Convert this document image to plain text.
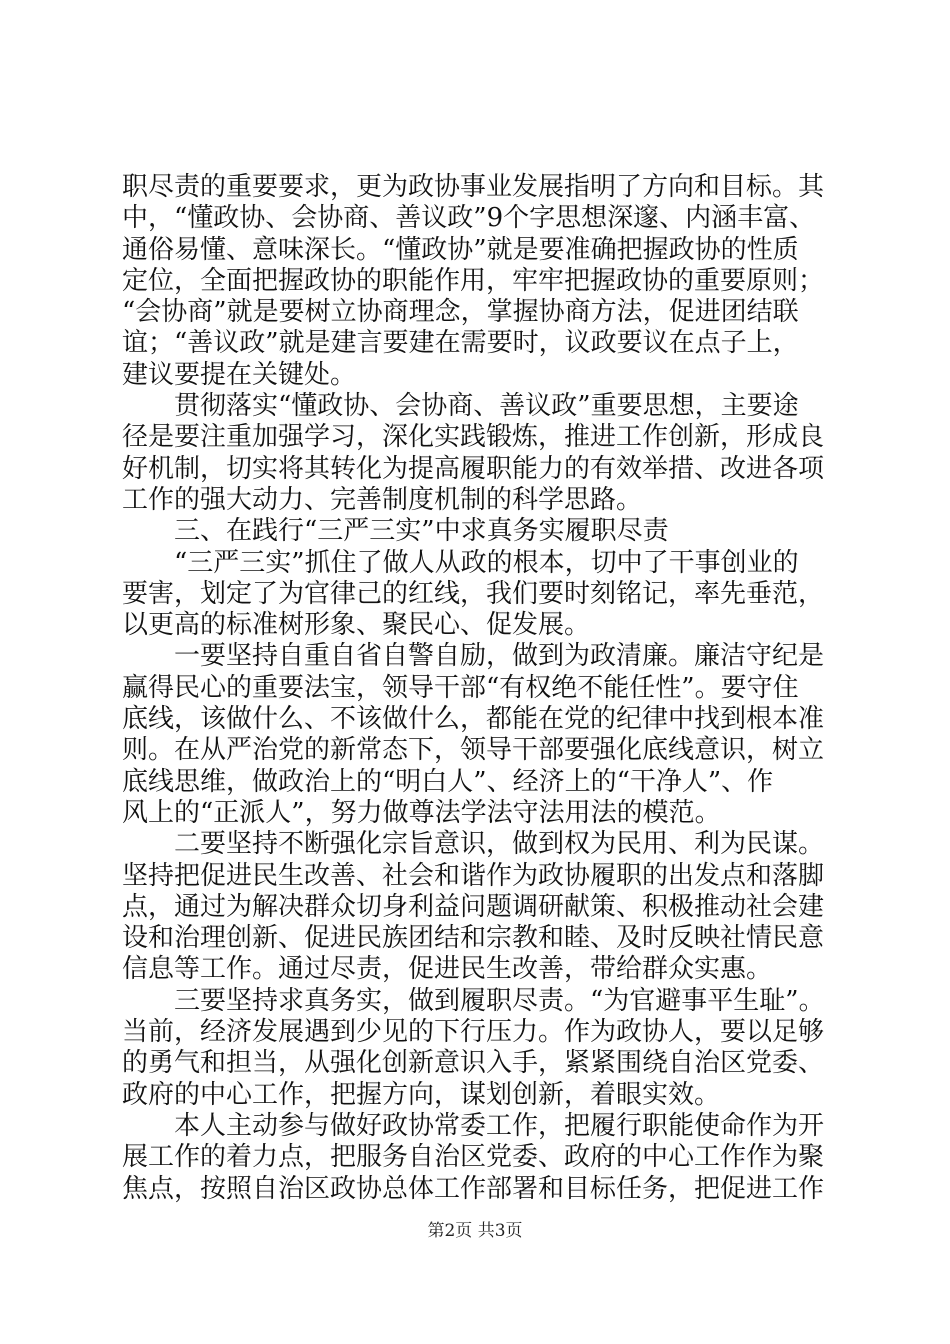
职尽责的重要要求，更为政协事业发展指明了方向和目标。其
中，“懂政协、会协商、善议政”9个字思想深邃、内涵丰富、
通俗易懂、意味深长。“懂政协”就是要准确把握政协的性质
定位，全面把握政协的职能作用，牢牢把握政协的重要原则；
“会协商”就是要树立协商理念，掌握协商方法，促进团结联
谊；“善议政”就是建言要建在需要时，议政要议在点子上，
建议要提在关键处。
贯彻落实“懂政协、会协商、善议政”重要思想，主要途
径是要注重加强学习，深化实践锻炼，推进工作创新，形成良
好机制，切实将其转化为提高履职能力的有效举措、改进各项
工作的强大动力、完善制度机制的科学思路。
三、在践行“三严三实”中求真务实履职尽责
“三严三实”抓住了做人从政的根本，切中了干事创业的
要害，划定了为官律己的红线，我们要时刻铭记，率先垂范，
以更高的标准树形象、聚民心、促发展。
一要坚持自重自省自警自励，做到为政清廉。廉洁守纪是
赢得民心的重要法宝，领导干部“有权绝不能任性”。要守住
底线，该做什么、不该做什么，都能在党的纪律中找到根本准
则。在从严治党的新常态下，领导干部要强化底线意识，树立
底线思维，做政治上的“明白人”、经济上的“干净人”、作
风上的“正派人”，努力做尊法学法守法用法的模范。
二要坚持不断强化宗旨意识，做到权为民用、利为民谋。
坚持把促进民生改善、社会和谐作为政协履职的出发点和落脚
点，通过为解决群众切身利益问题调研献策、积极推动社会建
设和治理创新、促进民族团结和宗教和睦、及时反映社情民意
信息等工作。通过尽责，促进民生改善，带给群众实惠。
三要坚持求真务实，做到履职尽责。“为官避事平生耻”。
当前，经济发展遇到少见的下行压力。作为政协人，要以足够
的勇气和担当，从强化创新意识入手，紧紧围绕自治区党委、
政府的中心工作，把握方向，谋划创新，着眼实效。
本人主动参与做好政协常委工作，把履行职能使命作为开
展工作的着力点，把服务自治区党委、政府的中心工作作为聚
焦点，按照自治区政协总体工作部署和目标任务，把促进工作
第2页 共3页
